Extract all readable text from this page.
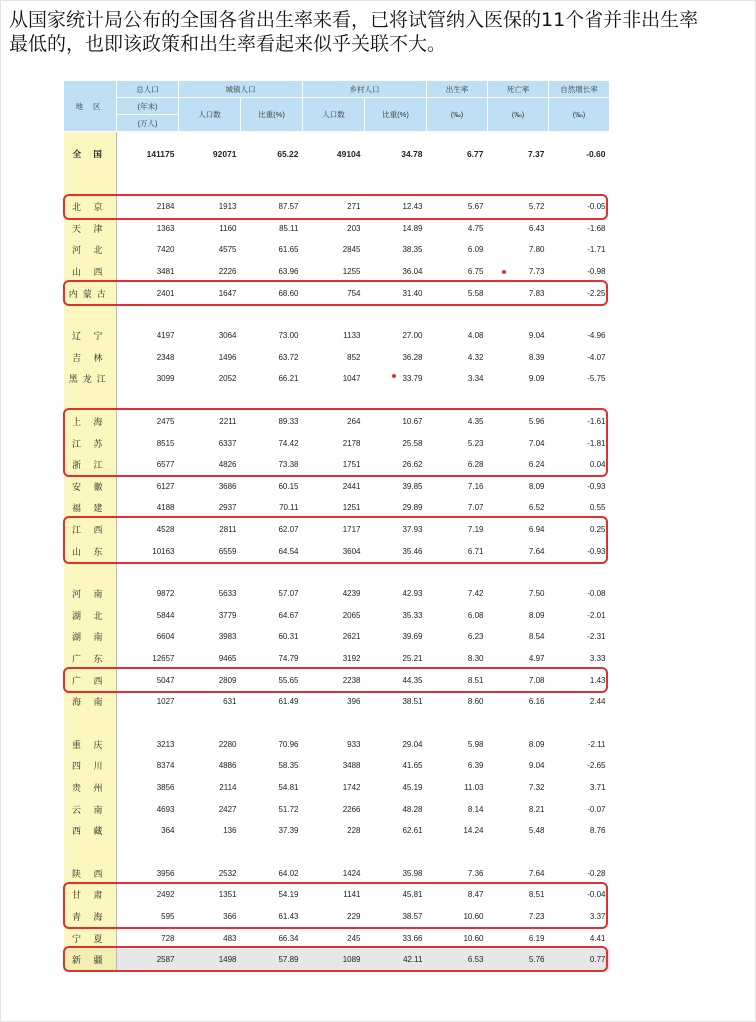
从国家统计局公布的全国各省出生率来看，已将试管纳入医保的11个省并非出生率最低的，也即该政策和出生率看起来似乎关联不大。
地 区	总人口	城镇人口		乡村人口		出生率	死亡率	自然增长率
	(年末)	人口数	比重(%)	人口数	比重(%)	(‰)	(‰)	(‰)
	(万人)							
全 国	141175	92071	65.22	49104	34.78	6.77	7.37	-0.60

北 京	2184	1913	87.57	271	12.43	5.67	5.72	-0.05
天 津	1363	1160	85.11	203	14.89	4.75	6.43	-1.68
河 北	7420	4575	61.65	2845	38.35	6.09	7.80	-1.71
山 西	3481	2226	63.96	1255	36.04	6.75	7.73	-0.98
内蒙古	2401	1647	68.60	754	31.40	5.58	7.83	-2.25

辽 宁	4197	3064	73.00	1133	27.00	4.08	9.04	-4.96
吉 林	2348	1496	63.72	852	36.28	4.32	8.39	-4.07
黑龙江	3099	2052	66.21	1047	33.79	3.34	9.09	-5.75

上 海	2475	2211	89.33	264	10.67	4.35	5.96	-1.61
江 苏	8515	6337	74.42	2178	25.58	5.23	7.04	-1.81
浙 江	6577	4826	73.38	1751	26.62	6.28	6.24	0.04
安 徽	6127	3686	60.15	2441	39.85	7.16	8.09	-0.93
福 建	4188	2937	70.11	1251	29.89	7.07	6.52	0.55
江 西	4528	2811	62.07	1717	37.93	7.19	6.94	0.25
山 东	10163	6559	64.54	3604	35.46	6.71	7.64	-0.93

河 南	9872	5633	57.07	4239	42.93	7.42	7.50	-0.08
湖 北	5844	3779	64.67	2065	35.33	6.08	8.09	-2.01
湖 南	6604	3983	60.31	2621	39.69	6.23	8.54	-2.31
广 东	12657	9465	74.79	3192	25.21	8.30	4.97	3.33
广 西	5047	2809	55.65	2238	44.35	8.51	7.08	1.43
海 南	1027	631	61.49	396	38.51	8.60	6.16	2.44

重 庆	3213	2280	70.96	933	29.04	5.98	8.09	-2.11
四 川	8374	4886	58.35	3488	41.65	6.39	9.04	-2.65
贵 州	3856	2114	54.81	1742	45.19	11.03	7.32	3.71
云 南	4693	2427	51.72	2266	48.28	8.14	8.21	-0.07
西 藏	364	136	37.39	228	62.61	14.24	5.48	8.76

陕 西	3956	2532	64.02	1424	35.98	7.36	7.64	-0.28
甘 肃	2492	1351	54.19	1141	45.81	8.47	8.51	-0.04
青 海	595	366	61.43	229	38.57	10.60	7.23	3.37
宁 夏	728	483	66.34	245	33.66	10.60	6.19	4.41
新 疆	2587	1498	57.89	1089	42.11	6.53	5.76	0.77
